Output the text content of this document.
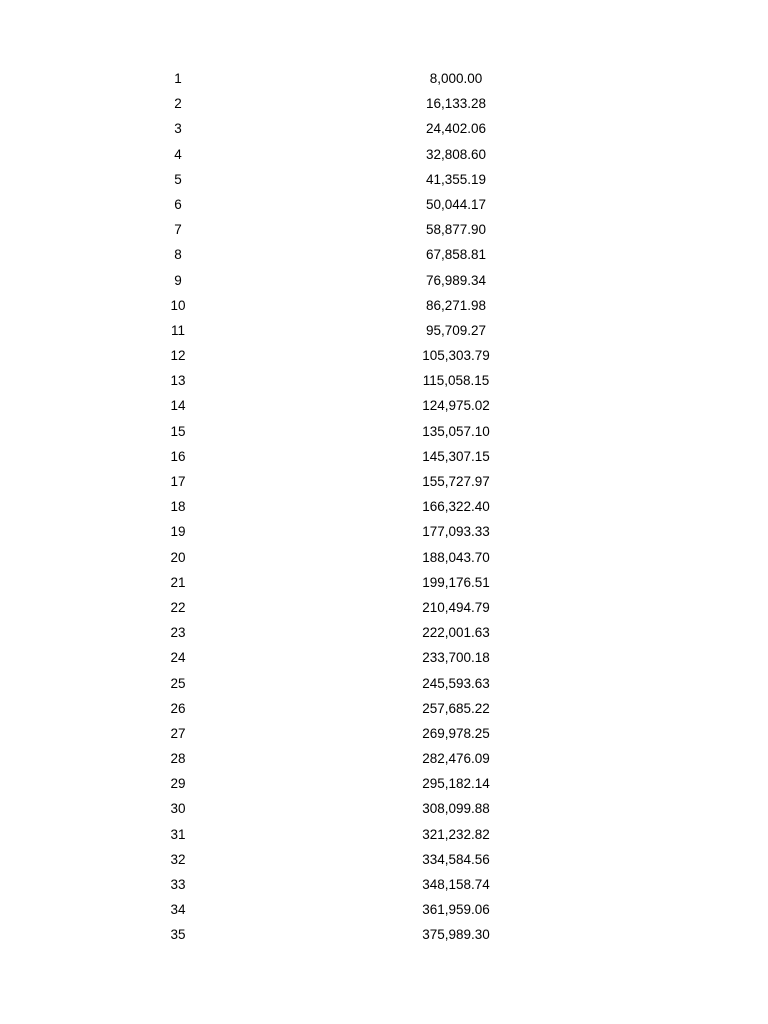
1	8,000.00
2	16,133.28
3	24,402.06
4	32,808.60
5	41,355.19
6	50,044.17
7	58,877.90
8	67,858.81
9	76,989.34
10	86,271.98
11	95,709.27
12	105,303.79
13	115,058.15
14	124,975.02
15	135,057.10
16	145,307.15
17	155,727.97
18	166,322.40
19	177,093.33
20	188,043.70
21	199,176.51
22	210,494.79
23	222,001.63
24	233,700.18
25	245,593.63
26	257,685.22
27	269,978.25
28	282,476.09
29	295,182.14
30	308,099.88
31	321,232.82
32	334,584.56
33	348,158.74
34	361,959.06
35	375,989.30
